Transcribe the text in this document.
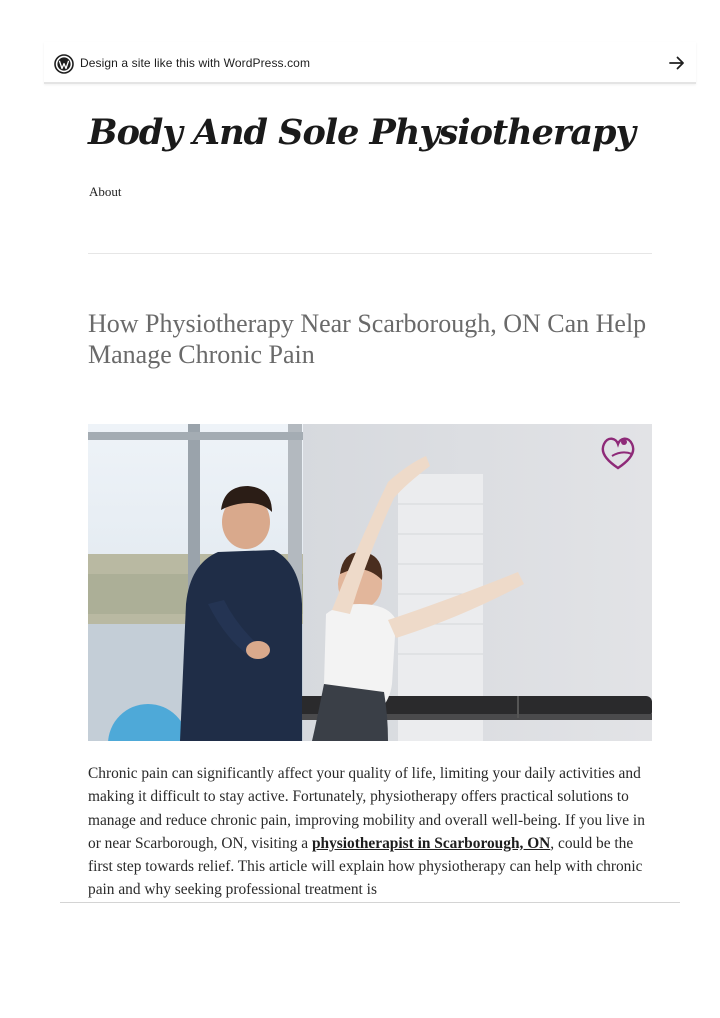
Design a site like this with WordPress.com
Body And Sole Physiotherapy
About
How Physiotherapy Near Scarborough, ON Can Help Manage Chronic Pain

Chronic pain can significantly affect your quality of life, limiting your daily activities and making it difficult to stay active. Fortunately, physiotherapy offers practical solutions to manage and reduce chronic pain, improving mobility and overall well-being. If you live in or near Scarborough, ON, visiting a physiotherapist in Scarborough, ON, could be the first step towards relief. This article will explain how physiotherapy can help with chronic pain and why seeking professional treatment is
